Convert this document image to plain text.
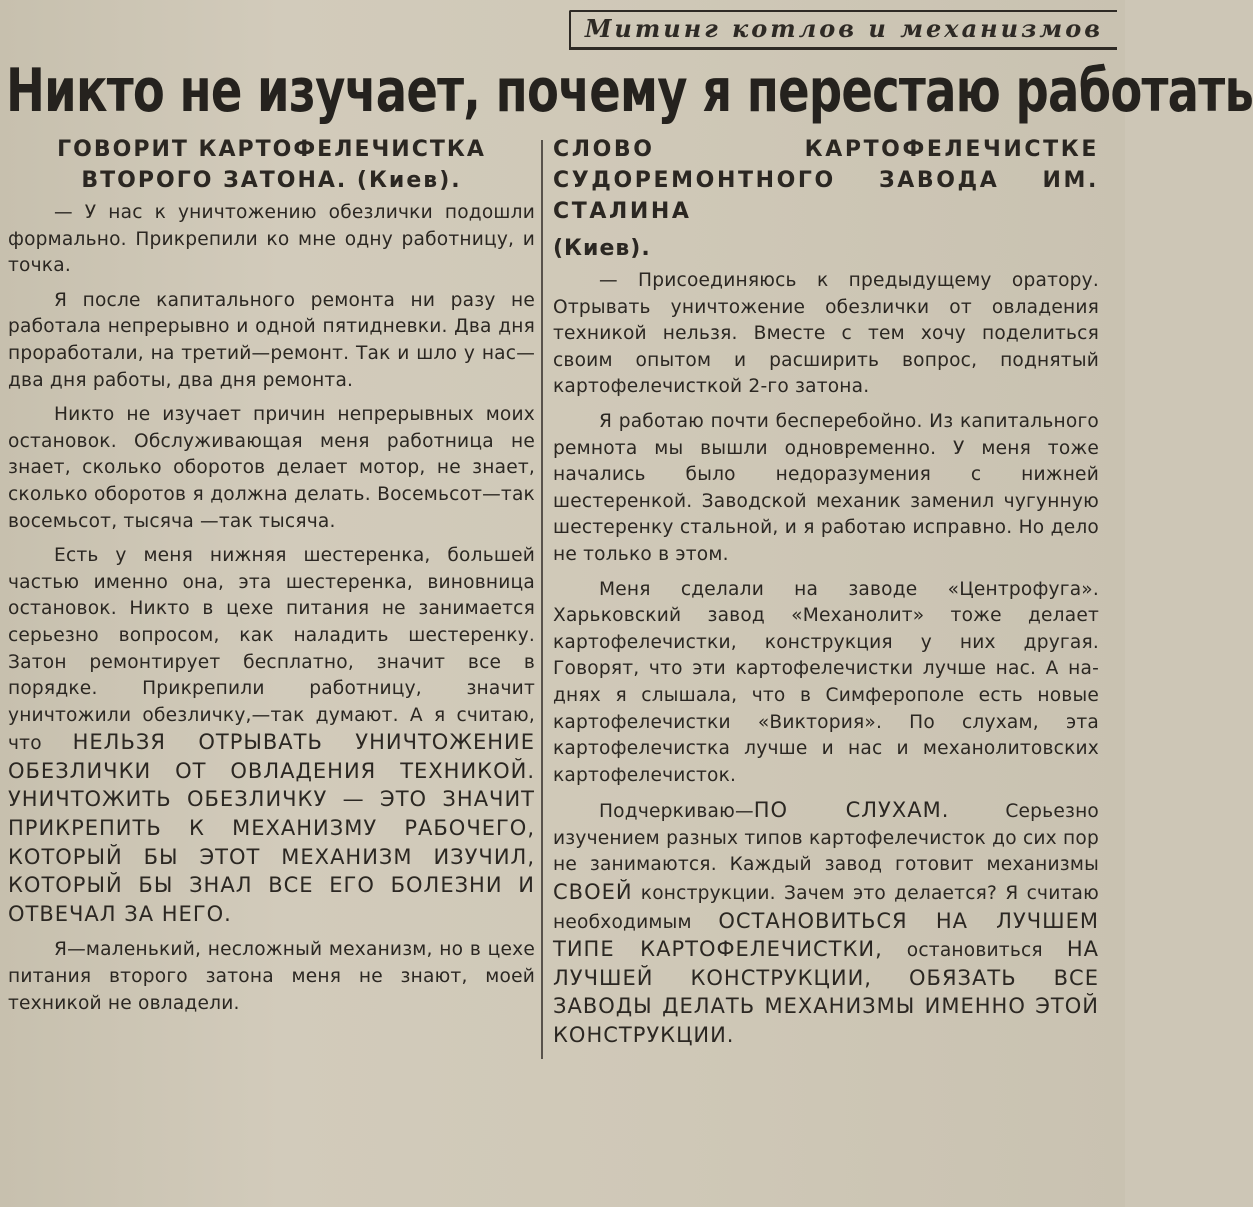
Митинг котлов и механизмов
Никто не изучает, почему я перестаю работать
ГОВОРИТ КАРТОФЕЛЕЧИСТКА ВТОРОГО ЗАТОНА. (Киев).

— У нас к уничтожению обезлички подошли формально. Прикрепили ко мне одну работницу, и точка.

Я после капитального ремонта ни разу не работала непрерывно и одной пятидневки. Два дня проработали, на третий—ремонт. Так и шло у нас—два дня работы, два дня ремонта.

Никто не изучает причин непрерывных моих остановок. Обслуживающая меня работница не знает, сколько оборотов делает мотор, не знает, сколько оборотов я должна делать. Восемьсот—так восемьсот, тысяча —так тысяча.

Есть у меня нижняя шестеренка, большей частью именно она, эта шестеренка, виновница остановок. Никто в цехе питания не занимается серьезно вопросом, как наладить шестеренку. Затон ремонтирует бесплатно, значит все в порядке. Прикрепили работницу, значит уничтожили обезличку,—так думают. А я считаю, что НЕЛЬЗЯ ОТРЫВАТЬ УНИЧТОЖЕНИЕ ОБЕЗЛИЧКИ ОТ ОВЛАДЕНИЯ ТЕХНИКОЙ. УНИЧТОЖИТЬ ОБЕЗЛИЧКУ — ЭТО ЗНАЧИТ ПРИКРЕПИТЬ К МЕХАНИЗМУ РАБОЧЕГО, КОТОРЫЙ БЫ ЭТОТ МЕХАНИЗМ ИЗУЧИЛ, КОТОРЫЙ БЫ ЗНАЛ ВСЕ ЕГО БОЛЕЗНИ И ОТВЕЧАЛ ЗА НЕГО.

Я—маленький, несложный механизм, но в цехе питания второго затона меня не знают, моей техникой не овладели.

СЛОВО КАРТОФЕЛЕЧИСТКЕ СУДОРЕМОНТНОГО ЗАВОДА ИМ. СТАЛИНА
(Киев).

— Присоединяюсь к предыдущему оратору. Отрывать уничтожение обезлички от овладения техникой нельзя. Вместе с тем хочу поделиться своим опытом и расширить вопрос, поднятый картофелечисткой 2-го затона.

Я работаю почти бесперебойно. Из капитального ремнота мы вышли одновременно. У меня тоже начались было недоразумения с нижней шестеренкой. Заводской механик заменил чугунную шестеренку стальной, и я работаю исправно. Но дело не только в этом.

Меня сделали на заводе «Центрофуга». Харьковский завод «Механолит» тоже делает картофелечистки, конструкция у них другая. Говорят, что эти картофелечистки лучше нас. А на-днях я слышала, что в Симферополе есть новые картофелечистки «Виктория». По слухам, эта картофелечистка лучше и нас и механолитовских картофелечисток.

Подчеркиваю—ПО СЛУХАМ. Серьезно изучением разных типов картофелечисток до сих пор не занимаются. Каждый завод готовит механизмы СВОЕЙ конструкции. Зачем это делается? Я считаю необходимым ОСТАНОВИТЬСЯ НА ЛУЧШЕМ ТИПЕ КАРТОФЕЛЕЧИСТКИ, остановиться НА ЛУЧШЕЙ КОНСТРУКЦИИ, ОБЯЗАТЬ ВСЕ ЗАВОДЫ ДЕЛАТЬ МЕХАНИЗМЫ ИМЕННО ЭТОЙ КОНСТРУКЦИИ.
